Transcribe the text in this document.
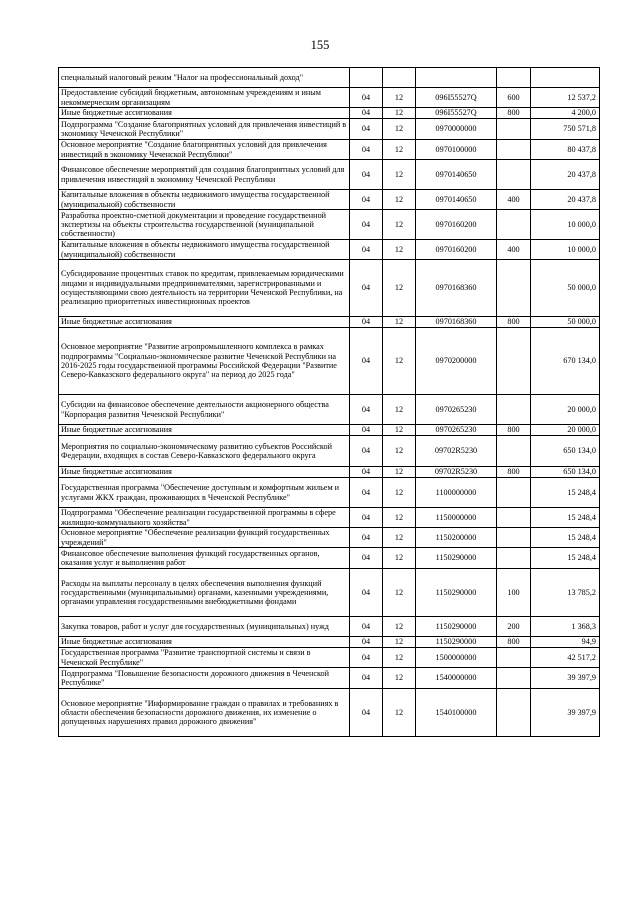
155
специальный налоговый режим "Налог на профессиональный доход"					
Предоставление субсидий бюджетным, автономным учреждениям и иным некоммерческим организациям	04	12	096I55527Q	600	12 537,2
Иные бюджетные ассигнования	04	12	096I55527Q	800	4 200,0
Подпрограмма "Создание благоприятных условий для привлечения инвестиций в экономику Чеченской Республики"	04	12	0970000000		750 571,8
Основное мероприятие "Создание благоприятных условий для привлечения инвестиций в экономику Чеченской Республики"	04	12	0970100000		80 437,8
Финансовое обеспечение мероприятий для создания благоприятных условий для привлечения инвестиций в экономику Чеченской Республики	04	12	0970140650		20 437,8
Капитальные вложения в объекты недвижимого имущества государственной (муниципальной) собственности	04	12	0970140650	400	20 437,8
Разработка проектно-сметной документации и проведение государственной экспертизы на объекты строительства государственной (муниципальной собственности)	04	12	0970160200		10 000,0
Капитальные вложения в объекты недвижимого имущества государственной (муниципальной) собственности	04	12	0970160200	400	10 000,0
Субсидирование процентных ставок по кредитам, привлекаемым юридическими лицами и индивидуальными предпринимателями, зарегистрированными и осуществляющими свою деятельность на территории Чеченской Республики, на реализацию приоритетных инвестиционных проектов	04	12	0970168360		50 000,0
Иные бюджетные ассигнования	04	12	0970168360	800	50 000,0
Основное мероприятие "Развитие агропромышленного комплекса в рамках подпрограммы "Социально-экономическое развитие Чеченской Республики на 2016-2025 годы государственной программы Российской Федерации "Развитие Северо-Кавказского федерального округа" на период до 2025 года"	04	12	0970200000		670 134,0
Субсидии на финансовое обеспечение деятельности акционерного общества "Корпорация развития Чеченской Республики"	04	12	0970265230		20 000,0
Иные бюджетные ассигнования	04	12	0970265230	800	20 000,0
Мероприятия по социально-экономическому развитию субъектов Российской Федерации, входящих в состав Северо-Кавказского федерального округа	04	12	09702R5230		650 134,0
Иные бюджетные ассигнования	04	12	09702R5230	800	650 134,0
Государственная программа "Обеспечение доступным и комфортным жильем и услугами ЖКХ граждан, проживающих в Чеченской Республике"	04	12	1100000000		15 248,4
Подпрограмма "Обеспечение реализации государственной программы в сфере жилищно-коммунального хозяйства"	04	12	1150000000		15 248,4
Основное мероприятие "Обеспечение реализации функций государственных учреждений"	04	12	1150200000		15 248,4
Финансовое обеспечение выполнения функций государственных органов, оказания услуг и выполнения работ	04	12	1150290000		15 248,4
Расходы на выплаты персоналу в целях обеспечения выполнения функций государственными (муниципальными) органами, казенными учреждениями, органами управления государственными внебюджетными фондами	04	12	1150290000	100	13 785,2
Закупка товаров, работ и услуг для государственных (муниципальных) нужд	04	12	1150290000	200	1 368,3
Иные бюджетные ассигнования	04	12	1150290000	800	94,9
Государственная программа "Развитие транспортной системы и связи в Чеченской Республике"	04	12	1500000000		42 517,2
Подпрограмма "Повышение безопасности дорожного движения в Чеченской Республике"	04	12	1540000000		39 397,9
Основное мероприятие "Информирование граждан о правилах и требованиях в области обеспечения безопасности дорожного движения, их изменение о допущенных нарушениях правил дорожного движения"	04	12	1540100000		39 397,9
